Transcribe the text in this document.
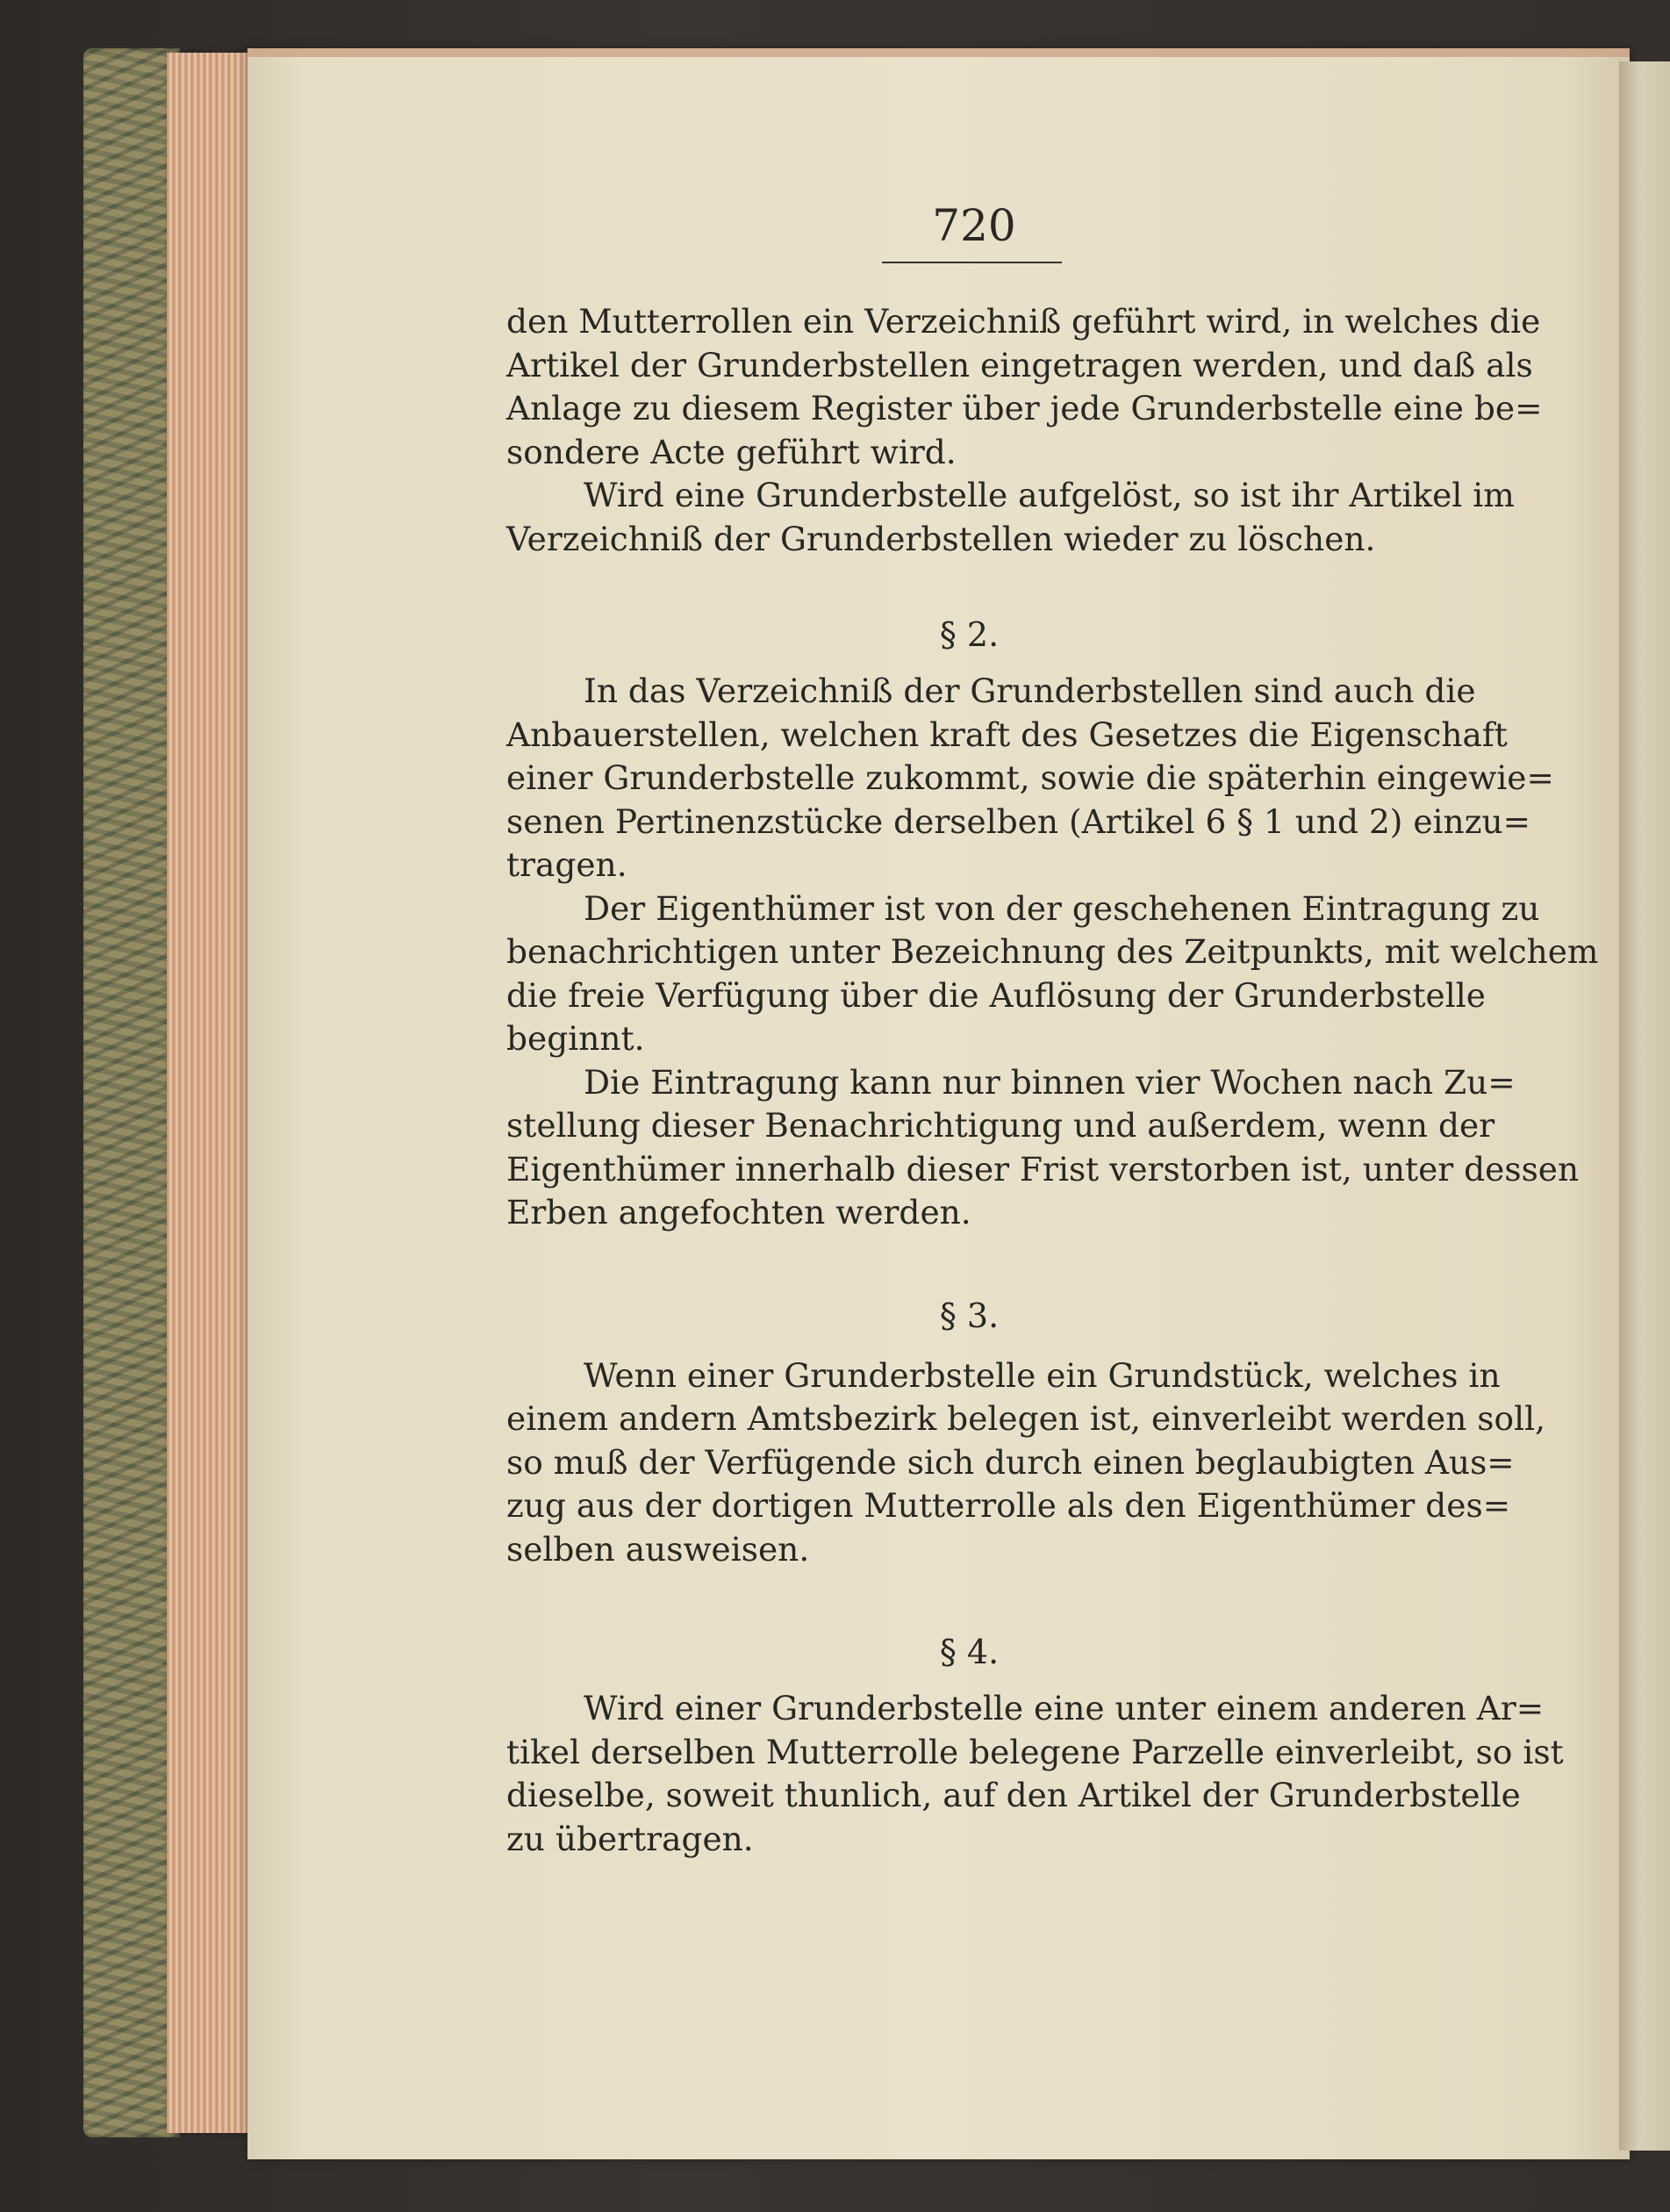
720

den Mutterrollen ein Verzeichniß geführt wird, in welches die
Artikel der Grunderbstellen eingetragen werden, und daß als
Anlage zu diesem Register über jede Grunderbstelle eine be=
sondere Acte geführt wird.

Wird eine Grunderbstelle aufgelöst, so ist ihr Artikel im
Verzeichniß der Grunderbstellen wieder zu löschen.

§ 2.

In das Verzeichniß der Grunderbstellen sind auch die
Anbauerstellen, welchen kraft des Gesetzes die Eigenschaft
einer Grunderbstelle zukommt, sowie die späterhin eingewie=
senen Pertinenzstücke derselben (Artikel 6 § 1 und 2) einzu=
tragen.

Der Eigenthümer ist von der geschehenen Eintragung zu
benachrichtigen unter Bezeichnung des Zeitpunkts, mit welchem
die freie Verfügung über die Auflösung der Grunderbstelle
beginnt.

Die Eintragung kann nur binnen vier Wochen nach Zu=
stellung dieser Benachrichtigung und außerdem, wenn der
Eigenthümer innerhalb dieser Frist verstorben ist, unter dessen
Erben angefochten werden.

§ 3.

Wenn einer Grunderbstelle ein Grundstück, welches in
einem andern Amtsbezirk belegen ist, einverleibt werden soll,
so muß der Verfügende sich durch einen beglaubigten Aus=
zug aus der dortigen Mutterrolle als den Eigenthümer des=
selben ausweisen.

§ 4.

Wird einer Grunderbstelle eine unter einem anderen Ar=
tikel derselben Mutterrolle belegene Parzelle einverleibt, so ist
dieselbe, soweit thunlich, auf den Artikel der Grunderbstelle
zu übertragen.
